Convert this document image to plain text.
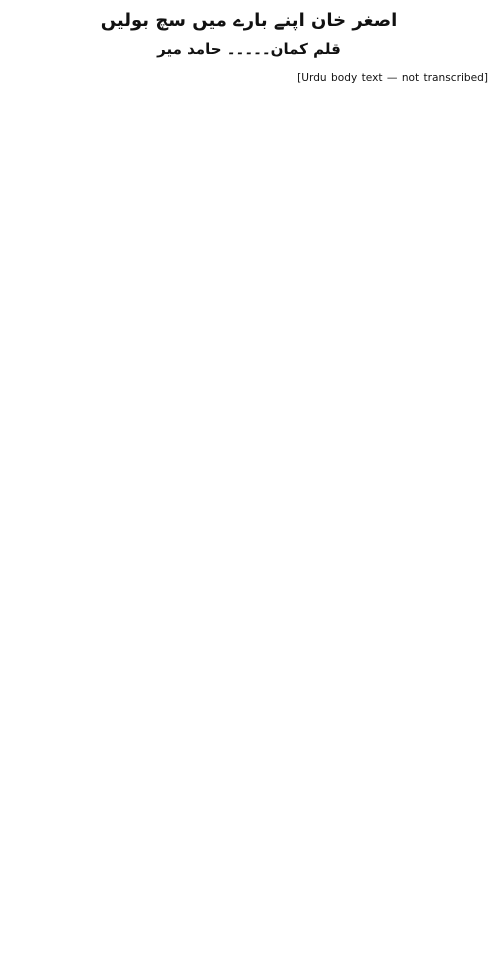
اصغر خان اپنے بارے میں سچ بولیں
قلم کمان۔۔۔۔۔ حامد میر

[Urdu body text — not transcribed]
